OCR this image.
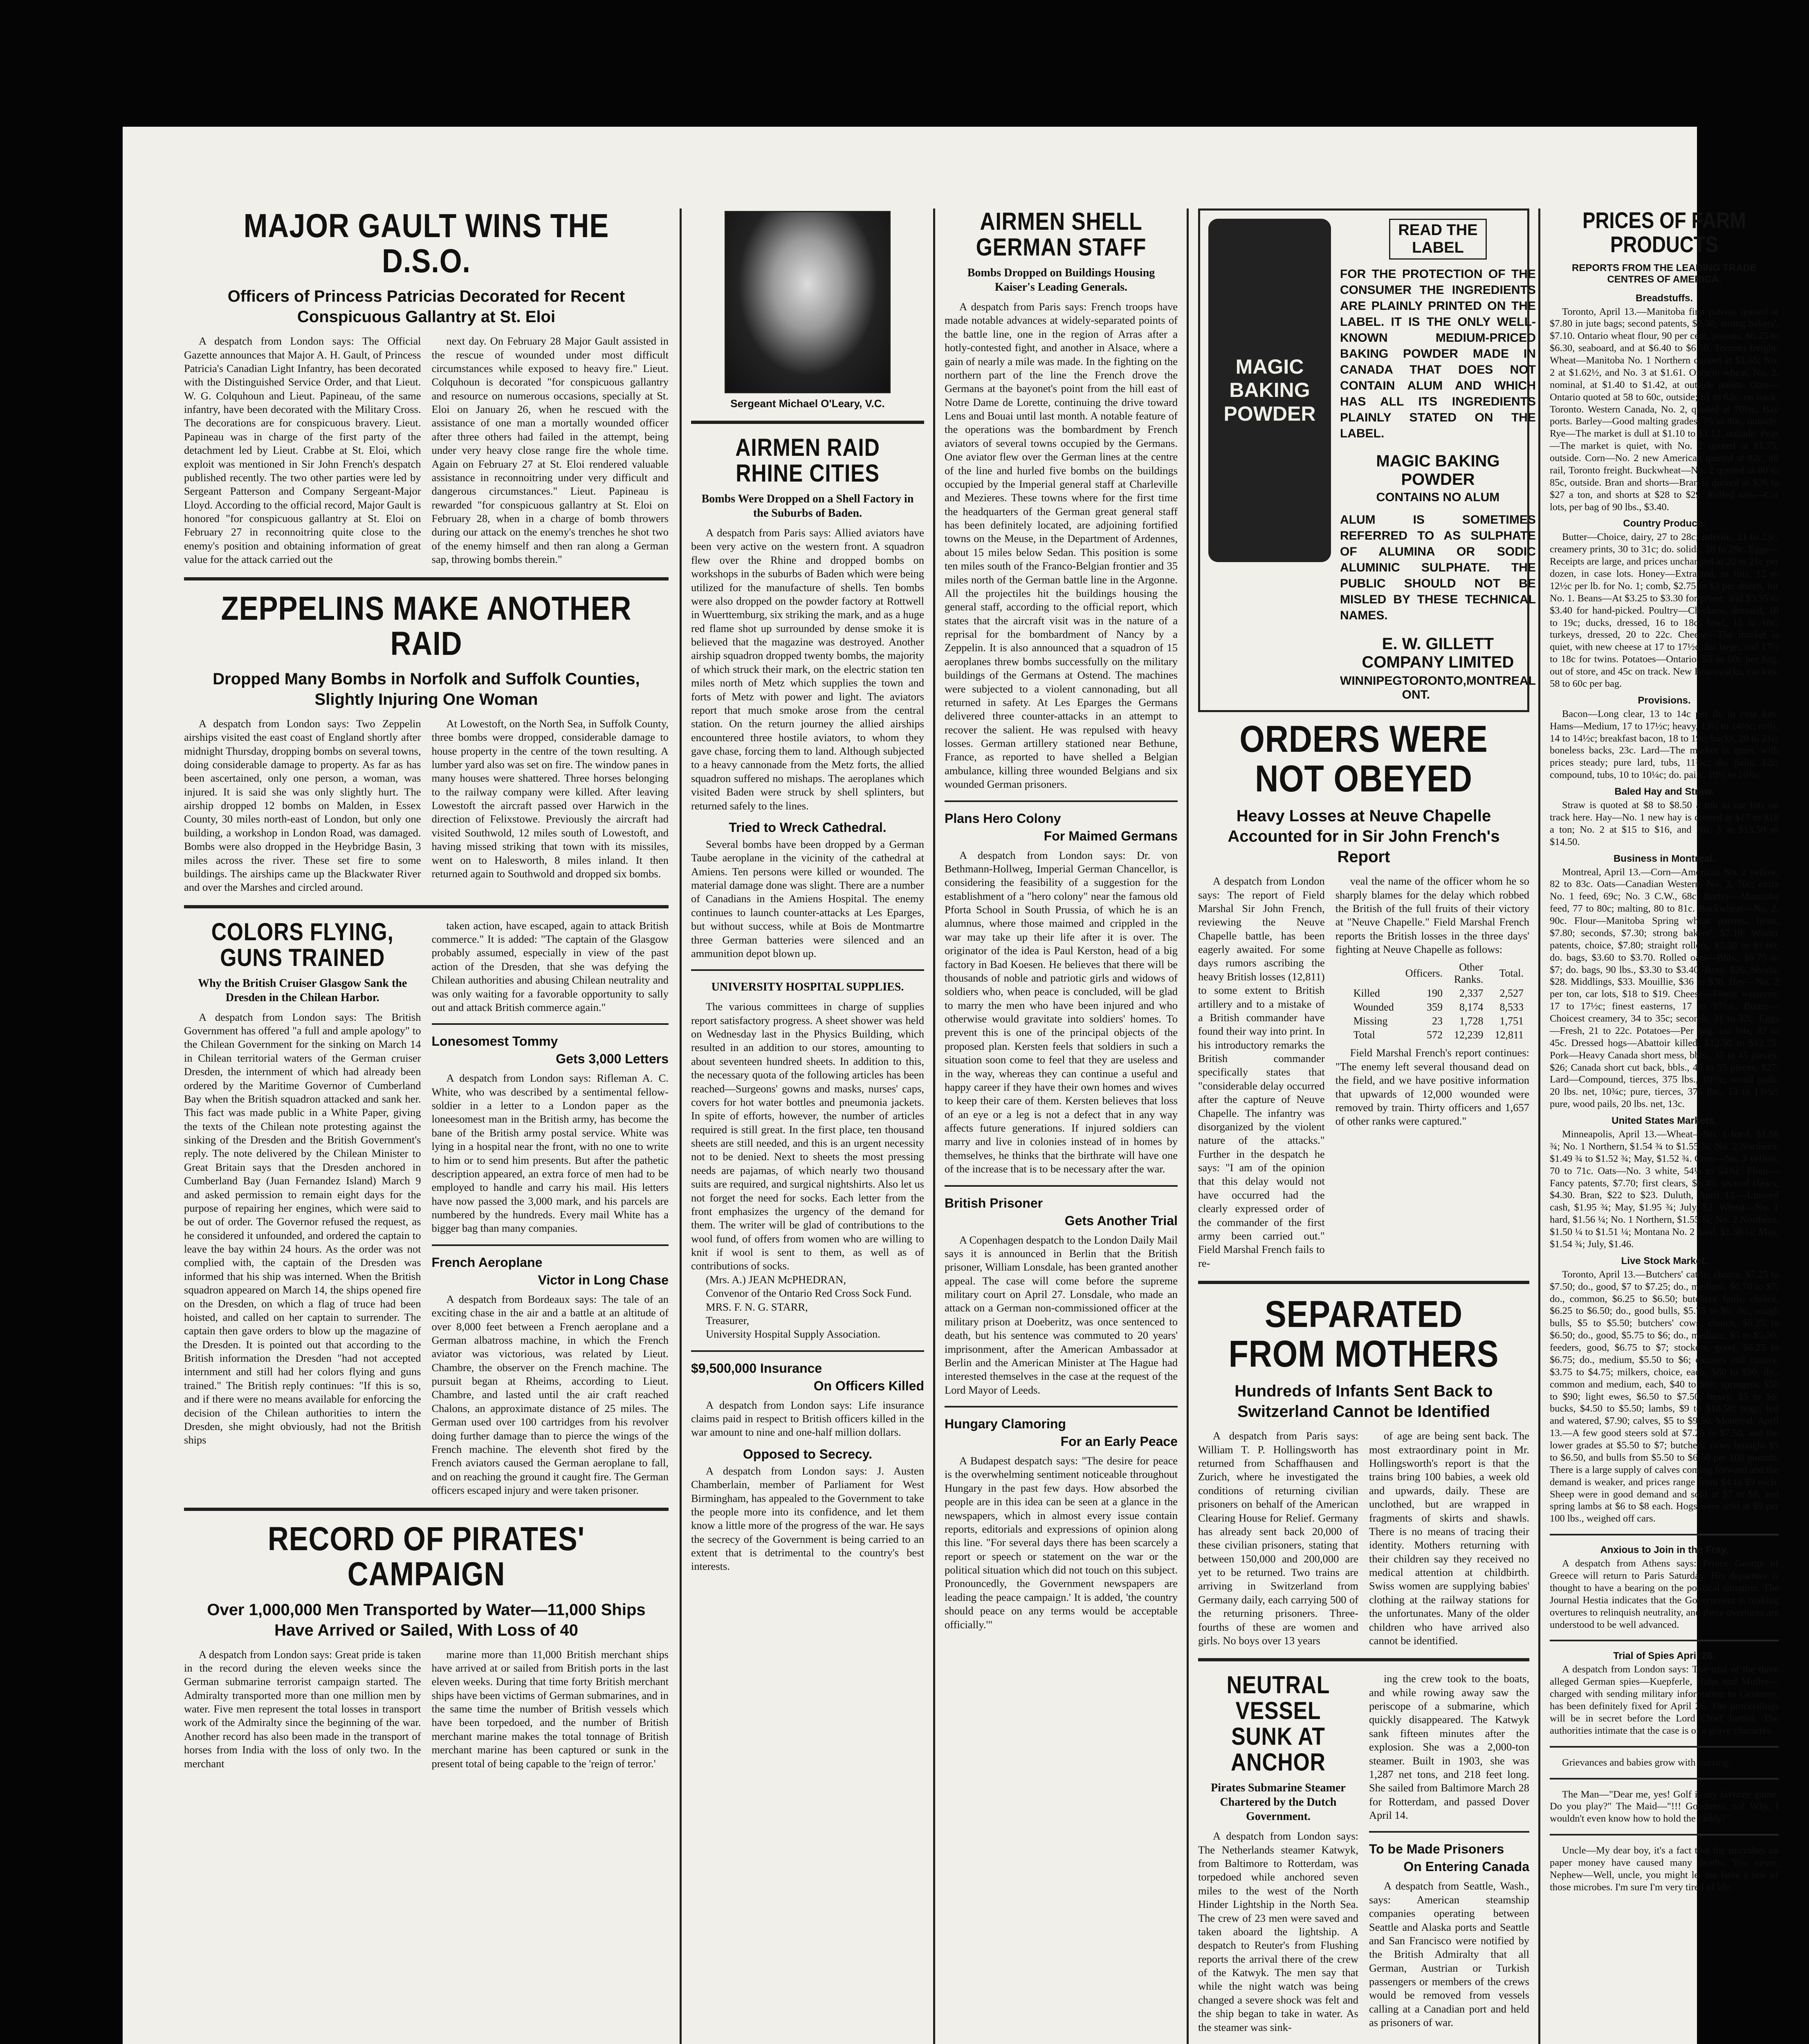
MAJOR GAULT WINS THE D.S.O.
Officers of Princess Patricias Decorated for Recent Conspicuous Gallantry at St. Eloi

A despatch from London says: The Official Gazette announces that Major A. H. Gault, of Princess Patricia's Canadian Light Infantry, has been decorated with the Distinguished Service Order, and that Lieut. W. G. Colquhoun and Lieut. Papineau, of the same infantry, have been decorated with the Military Cross. The decorations are for conspicuous bravery. Lieut. Papineau was in charge of the first party of the detachment led by Lieut. Crabbe at St. Eloi, which exploit was mentioned in Sir John French's despatch published recently. The two other parties were led by Sergeant Patterson and Company Sergeant-Major Lloyd. According to the official record, Major Gault is honored "for conspicuous gallantry at St. Eloi on February 27 in reconnoitring quite close to the enemy's position and obtaining information of great value for the attack carried out the

next day. On February 28 Major Gault assisted in the rescue of wounded under most difficult circumstances while exposed to heavy fire." Lieut. Colquhoun is decorated "for conspicuous gallantry and resource on numerous occasions, specially at St. Eloi on January 26, when he rescued with the assistance of one man a mortally wounded officer after three others had failed in the attempt, being under very heavy close range fire the whole time. Again on February 27 at St. Eloi rendered valuable assistance in reconnoitring under very difficult and dangerous circumstances." Lieut. Papineau is rewarded "for conspicuous gallantry at St. Eloi on February 28, when in a charge of bomb throwers during our attack on the enemy's trenches he shot two of the enemy himself and then ran along a German sap, throwing bombs therein."

ZEPPELINS MAKE ANOTHER RAID
Dropped Many Bombs in Norfolk and Suffolk Counties, Slightly Injuring One Woman

A despatch from London says: Two Zeppelin airships visited the east coast of England shortly after midnight Thursday, dropping bombs on several towns, doing considerable damage to property. As far as has been ascertained, only one person, a woman, was injured. It is said she was only slightly hurt. The airship dropped 12 bombs on Malden, in Essex County, 30 miles north-east of London, but only one building, a workshop in London Road, was damaged. Bombs were also dropped in the Heybridge Basin, 3 miles across the river. These set fire to some buildings. The airships came up the Blackwater River and over the Marshes and circled around.

At Lowestoft, on the North Sea, in Suffolk County, three bombs were dropped, considerable damage to house property in the centre of the town resulting. A lumber yard also was set on fire. The window panes in many houses were shattered. Three horses belonging to the railway company were killed. After leaving Lowestoft the aircraft passed over Harwich in the direction of Felixstowe. Previously the aircraft had visited Southwold, 12 miles south of Lowestoft, and having missed striking that town with its missiles, went on to Halesworth, 8 miles inland. It then returned again to Southwold and dropped six bombs.

COLORS FLYING, GUNS TRAINED
Why the British Cruiser Glasgow Sank the Dresden in the Chilean Harbor.

A despatch from London says: The British Government has offered "a full and ample apology" to the Chilean Government for the sinking on March 14 in Chilean territorial waters of the German cruiser Dresden, the internment of which had already been ordered by the Maritime Governor of Cumberland Bay when the British squadron attacked and sank her. This fact was made public in a White Paper, giving the texts of the Chilean note protesting against the sinking of the Dresden and the British Government's reply. The note delivered by the Chilean Minister to Great Britain says that the Dresden anchored in Cumberland Bay (Juan Fernandez Island) March 9 and asked permission to remain eight days for the purpose of repairing her engines, which were said to be out of order. The Governor refused the request, as he considered it unfounded, and ordered the captain to leave the bay within 24 hours. As the order was not complied with, the captain of the Dresden was informed that his ship was interned. When the British squadron appeared on March 14, the ships opened fire on the Dresden, on which a flag of truce had been hoisted, and called on her captain to surrender. The captain then gave orders to blow up the magazine of the Dresden. It is pointed out that according to the British information the Dresden "had not accepted internment and still had her colors flying and guns trained." The British reply continues: "If this is so, and if there were no means available for enforcing the decision of the Chilean authorities to intern the Dresden, she might obviously, had not the British ships

taken action, have escaped, again to attack British commerce." It is added: "The captain of the Glasgow probably assumed, especially in view of the past action of the Dresden, that she was defying the Chilean authorities and abusing Chilean neutrality and was only waiting for a favorable opportunity to sally out and attack British commerce again."

Lonesomest Tommy
Gets 3,000 Letters

A despatch from London says: Rifleman A. C. White, who was described by a sentimental fellow-soldier in a letter to a London paper as the loneesomest man in the British army, has become the bane of the British army postal service. White was lying in a hospital near the front, with no one to write to him or to send him presents. But after the pathetic description appeared, an extra force of men had to be employed to handle and carry his mail. His letters have now passed the 3,000 mark, and his parcels are numbered by the hundreds. Every mail White has a bigger bag than many companies.

French Aeroplane
Victor in Long Chase

A despatch from Bordeaux says: The tale of an exciting chase in the air and a battle at an altitude of over 8,000 feet between a French aeroplane and a German albatross machine, in which the French aviator was victorious, was related by Lieut. Chambre, the observer on the French machine. The pursuit began at Rheims, according to Lieut. Chambre, and lasted until the air craft reached Chalons, an approximate distance of 25 miles. The German used over 100 cartridges from his revolver doing further damage than to pierce the wings of the French machine. The eleventh shot fired by the French aviators caused the German aeroplane to fall, and on reaching the ground it caught fire. The German officers escaped injury and were taken prisoner.

RECORD OF PIRATES' CAMPAIGN
Over 1,000,000 Men Transported by Water—11,000 Ships Have Arrived or Sailed, With Loss of 40

A despatch from London says: Great pride is taken in the record during the eleven weeks since the German submarine terrorist campaign started. The Admiralty transported more than one million men by water. Five men represent the total losses in transport work of the Admiralty since the beginning of the war. Another record has also been made in the transport of horses from India with the loss of only two. In the merchant

marine more than 11,000 British merchant ships have arrived at or sailed from British ports in the last eleven weeks. During that time forty British merchant ships have been victims of German submarines, and in the same time the number of British vessels which have been torpedoed, and the number of British merchant marine makes the total tonnage of British merchant marine has been captured or sunk in the present total of being capable to the 'reign of terror.'

Sergeant Michael O'Leary, V.C.
AIRMEN RAID RHINE CITIES
Bombs Were Dropped on a Shell Factory in the Suburbs of Baden.

A despatch from Paris says: Allied aviators have been very active on the western front. A squadron flew over the Rhine and dropped bombs on workshops in the suburbs of Baden which were being utilized for the manufacture of shells. Ten bombs were also dropped on the powder factory at Rottwell in Wuerttemburg, six striking the mark, and as a huge red flame shot up surrounded by dense smoke it is believed that the magazine was destroyed. Another airship squadron dropped twenty bombs, the majority of which struck their mark, on the electric station ten miles north of Metz which supplies the town and forts of Metz with power and light. The aviators report that much smoke arose from the central station. On the return journey the allied airships encountered three hostile aviators, to whom they gave chase, forcing them to land. Although subjected to a heavy cannonade from the Metz forts, the allied squadron suffered no mishaps. The aeroplanes which visited Baden were struck by shell splinters, but returned safely to the lines.

Tried to Wreck Cathedral.

Several bombs have been dropped by a German Taube aeroplane in the vicinity of the cathedral at Amiens. Ten persons were killed or wounded. The material damage done was slight. There are a number of Canadians in the Amiens Hospital. The enemy continues to launch counter-attacks at Les Eparges, but without success, while at Bois de Montmartre three German batteries were silenced and an ammunition depot blown up.

UNIVERSITY HOSPITAL SUPPLIES.

The various committees in charge of supplies report satisfactory progress. A sheet shower was held on Wednesday last in the Physics Building, which resulted in an addition to our stores, amounting to about seventeen hundred sheets. In addition to this, the necessary quota of the following articles has been reached—Surgeons' gowns and masks, nurses' caps, covers for hot water bottles and pneumonia jackets. In spite of efforts, however, the number of articles required is still great. In the first place, ten thousand sheets are still needed, and this is an urgent necessity not to be denied. Next to sheets the most pressing needs are pajamas, of which nearly two thousand suits are required, and surgical nightshirts. Also let us not forget the need for socks. Each letter from the front emphasizes the urgency of the demand for them. The writer will be glad of contributions to the wool fund, of offers from women who are willing to knit if wool is sent to them, as well as of contributions of socks.

(Mrs. A.) JEAN McPHEDRAN,

Convenor of the Ontario Red Cross Sock Fund.

MRS. F. N. G. STARR,

Treasurer,

University Hospital Supply Association.

$9,500,000 Insurance
On Officers Killed

A despatch from London says: Life insurance claims paid in respect to British officers killed in the war amount to nine and one-half million dollars.

Opposed to Secrecy.

A despatch from London says: J. Austen Chamberlain, member of Parliament for West Birmingham, has appealed to the Government to take the people more into its confidence, and let them know a little more of the progress of the war. He says the secrecy of the Government is being carried to an extent that is detrimental to the country's best interests.

AIRMEN SHELL GERMAN STAFF
Bombs Dropped on Buildings Housing Kaiser's Leading Generals.

A despatch from Paris says: French troops have made notable advances at widely-separated points of the battle line, one in the region of Arras after a hotly-contested fight, and another in Alsace, where a gain of nearly a mile was made. In the fighting on the northern part of the line the French drove the Germans at the bayonet's point from the hill east of Notre Dame de Lorette, continuing the drive toward Lens and Bouai until last month. A notable feature of the operations was the bombardment by French aviators of several towns occupied by the Germans. One aviator flew over the German lines at the centre of the line and hurled five bombs on the buildings occupied by the Imperial general staff at Charleville and Mezieres. These towns where for the first time the headquarters of the German great general staff has been definitely located, are adjoining fortified towns on the Meuse, in the Department of Ardennes, about 15 miles below Sedan. This position is some ten miles south of the Franco-Belgian frontier and 35 miles north of the German battle line in the Argonne. All the projectiles hit the buildings housing the general staff, according to the official report, which states that the aircraft visit was in the nature of a reprisal for the bombardment of Nancy by a Zeppelin. It is also announced that a squadron of 15 aeroplanes threw bombs successfully on the military buildings of the Germans at Ostend. The machines were subjected to a violent cannonading, but all returned in safety. At Les Eparges the Germans delivered three counter-attacks in an attempt to recover the salient. He was repulsed with heavy losses. German artillery stationed near Bethune, France, as reported to have shelled a Belgian ambulance, killing three wounded Belgians and six wounded German prisoners.

Plans Hero Colony
For Maimed Germans

A despatch from London says: Dr. von Bethmann-Hollweg, Imperial German Chancellor, is considering the feasibility of a suggestion for the establishment of a "hero colony" near the famous old Pforta School in South Prussia, of which he is an alumnus, where those maimed and crippled in the war may take up their life after it is over. The originator of the idea is Paul Kerston, head of a big factory in Bad Koesen. He believes that there will be thousands of noble and patriotic girls and widows of soldiers who, when peace is concluded, will be glad to marry the men who have been injured and who otherwise would gravitate into soldiers' homes. To prevent this is one of the principal objects of the proposed plan. Kersten feels that soldiers in such a situation soon come to feel that they are useless and in the way, whereas they can continue a useful and happy career if they have their own homes and wives to keep their care of them. Kersten believes that loss of an eye or a leg is not a defect that in any way affects future generations. If injured soldiers can marry and live in colonies instead of in homes by themselves, he thinks that the birthrate will have one of the increase that is to be necessary after the war.

British Prisoner
Gets Another Trial

A Copenhagen despatch to the London Daily Mail says it is announced in Berlin that the British prisoner, William Lonsdale, has been granted another appeal. The case will come before the supreme military court on April 27. Lonsdale, who made an attack on a German non-commissioned officer at the military prison at Doeberitz, was once sentenced to death, but his sentence was commuted to 20 years' imprisonment, after the American Ambassador at Berlin and the American Minister at The Hague had interested themselves in the case at the request of the Lord Mayor of Leeds.

Hungary Clamoring
For an Early Peace

A Budapest despatch says: "The desire for peace is the overwhelming sentiment noticeable throughout Hungary in the past few days. How absorbed the people are in this idea can be seen at a glance in the newspapers, which in almost every issue contain reports, editorials and expressions of opinion along this line. "For several days there has been scarcely a report or speech or statement on the war or the political situation which did not touch on this subject. Pronouncedly, the Government newspapers are leading the peace campaign.' It is added, 'the country should peace on any terms would be acceptable officially.'"

MAGIC BAKING POWDER
READ THE LABEL
FOR THE PROTECTION OF THE CONSUMER THE INGREDIENTS ARE PLAINLY PRINTED ON THE LABEL. IT IS THE ONLY WELL-KNOWN MEDIUM-PRICED BAKING POWDER MADE IN CANADA THAT DOES NOT CONTAIN ALUM AND WHICH HAS ALL ITS INGREDIENTS PLAINLY STATED ON THE LABEL.
MAGIC BAKING POWDER
CONTAINS NO ALUM
ALUM IS SOMETIMES REFERRED TO AS SULPHATE OF ALUMINA OR SODIC ALUMINIC SULPHATE. THE PUBLIC SHOULD NOT BE MISLED BY THESE TECHNICAL NAMES.
E. W. GILLETT COMPANY LIMITED
WINNIPEG TORONTO, ONT.
MONTREAL
ORDERS WERE NOT OBEYED
Heavy Losses at Neuve Chapelle Accounted for in Sir John French's Report

A despatch from London says: The report of Field Marshal Sir John French, reviewing the Neuve Chapelle battle, has been eagerly awaited. For some days rumors ascribing the heavy British losses (12,811) to some extent to British artillery and to a mistake of a British commander have found their way into print. In his introductory remarks the British commander specifically states that "considerable delay occurred after the capture of Neuve Chapelle. The infantry was disorganized by the violent nature of the attacks." Further in the despatch he says: "I am of the opinion that this delay would not have occurred had the clearly expressed order of the commander of the first army been carried out." Field Marshal French fails to re-

veal the name of the officer whom he so sharply blames for the delay which robbed the British of the full fruits of their victory at "Neuve Chapelle." Field Marshal French reports the British losses in the three days' fighting at Neuve Chapelle as follows:

	Officers.	Other Ranks.	Total.
Killed	190	2,337	2,527
Wounded	359	8,174	8,533
Missing	23	1,728	1,751
Total	572	12,239	12,811

Field Marshal French's report continues: "The enemy left several thousand dead on the field, and we have positive information that upwards of 12,000 wounded were removed by train. Thirty officers and 1,657 of other ranks were captured."

SEPARATED FROM MOTHERS
Hundreds of Infants Sent Back to Switzerland Cannot be Identified

A despatch from Paris says: William T. P. Hollingsworth has returned from Schaffhausen and Zurich, where he investigated the conditions of returning civilian prisoners on behalf of the American Clearing House for Relief. Germany has already sent back 20,000 of these civilian prisoners, stating that between 150,000 and 200,000 are yet to be returned. Two trains are arriving in Switzerland from Germany daily, each carrying 500 of the returning prisoners. Three-fourths of these are women and girls. No boys over 13 years

of age are being sent back. The most extraordinary point in Mr. Hollingsworth's report is that the trains bring 100 babies, a week old and upwards, daily. These are unclothed, but are wrapped in fragments of skirts and shawls. There is no means of tracing their identity. Mothers returning with their children say they received no medical attention at childbirth. Swiss women are supplying babies' clothing at the railway stations for the unfortunates. Many of the older children who have arrived also cannot be identified.

NEUTRAL VESSEL SUNK AT ANCHOR
Pirates Submarine Steamer Chartered by the Dutch Government.

A despatch from London says: The Netherlands steamer Katwyk, from Baltimore to Rotterdam, was torpedoed while anchored seven miles to the west of the North Hinder Lightship in the North Sea. The crew of 23 men were saved and taken aboard the lightship. A despatch to Reuter's from Flushing reports the arrival there of the crew of the Katwyk. The men say that while the night watch was being changed a severe shock was felt and the ship began to take in water. As the steamer was sink-

ing the crew took to the boats, and while rowing away saw the periscope of a submarine, which quickly disappeared. The Katwyk sank fifteen minutes after the explosion. She was a 2,000-ton steamer. Built in 1903, she was 1,287 net tons, and 218 feet long. She sailed from Baltimore March 28 for Rotterdam, and passed Dover April 14.

To be Made Prisoners
On Entering Canada

A despatch from Seattle, Wash., says: American steamship companies operating between Seattle and Alaska ports and Seattle and San Francisco were notified by the British Admiralty that all German, Austrian or Turkish passengers or members of the crews would be removed from vessels calling at a Canadian port and held as prisoners of war.

PRICES OF FARM PRODUCTS
REPORTS FROM THE LEADING TRADE CENTRES OF AMERICA.
Breadstuffs.

Toronto, April 13.—Manitoba first patents quoted at $7.80 in jute bags; second patents, $7.30; strong bakers', $7.10. Ontario wheat flour, 90 per cent, patents, $6.25 to $6.30, seaboard, and at $6.40 to $6.50, Toronto freight. Wheat—Manitoba No. 1 Northern quoted at $1.65; No. 2 at $1.62½, and No. 3 at $1.61. Ontario wheat, No. 2, nominal, at $1.40 to $1.42, at outside points. Oats—Ontario quoted at 58 to 60c, outside; 61 to 62c, on track, Toronto. Western Canada, No. 2, quoted at 70½c, Bay ports. Barley—Good malting grades, 75 to 80c, outside. Rye—The market is dull at $1.10 to $1.12, outside. Peas—The market is quiet, with No. 2 quoted at $1.75, outside. Corn—No. 2 new American quoted at 82c, all rail, Toronto freight. Buckwheat—No. 2 quoted at 80 to 85c, outside. Bran and shorts—Bran is quoted at $26 to $27 a ton, and shorts at $28 to $29. Rolled oats—Car lots, per bag of 90 lbs., $3.40.

Country Produce.

Butter—Choice, dairy, 27 to 28c; inferior, 21 to 23c; creamery prints, 30 to 31c; do. solids, 28 to 29c. Eggs—Receipts are large, and prices unchanged at 20 to 21c per dozen, in case lots. Honey—Extracted, in tins, 12 to 12½c per lb. for No. 1; comb, $2.75 to $3 per dozen, for No. 1. Beans—At $3.25 to $3.30 for prime, and $3.35 to $3.40 for hand-picked. Poultry—Chickens, dressed, 18 to 19c; ducks, dressed, 16 to 18c; fowl, 15 to 18c; turkeys, dressed, 20 to 22c. Cheese—The market is quiet, with new cheese at 17 to 17½c, for large, and 17½ to 18c for twins. Potatoes—Ontario, 55 to 60c per bag, out of store, and 45c on track. New Brunswicks, car lots, 58 to 60c per bag.

Provisions.

Bacon—Long clear, 13 to 14c per lb. in case lots. Hams—Medium, 17 to 17½c; heavy, 13½ to 14½c; rolls, 14 to 14½c; breakfast bacon, 18 to 19c; backs, 20 to 21c; boneless backs, 23c. Lard—The market is quiet, with prices steady; pure lard, tubs, 11¾c; do. pails, 12c; compound, tubs, 10 to 10¼c; do. pails, 10½ to 10¾c.

Baled Hay and Straw.

Straw is quoted at $8 to $8.50 a ton in car lots on track here. Hay—No. 1 new hay is quoted at $17 to $18 a ton; No. 2 at $15 to $16, and No. 3 at $13.50 to $14.50.

Business in Montreal.

Montreal, April 13.—Corn—American No. 2 yellow, 82 to 83c. Oats—Canadian Western, No. 2, 70c; extra No. 1 feed, 69c; No. 3 C.W., 68c. Barley—Manitoba feed, 77 to 80c; malting, 80 to 81c. Buckwheat—No. 2, 90c. Flour—Manitoba Spring wheat patents, firsts, $7.80; seconds, $7.30; strong bakers', $7.10; Winter patents, choice, $7.80; straight rollers, $7.50 to $7.60; do. bags, $3.60 to $3.70. Rolled oats—Bbls., $6.75 to $7; do. bags, 90 lbs., $3.30 to $3.40. Bran, $26. Shorts, $28. Middlings, $33. Mouillie, $36 to $38. Hay—No. 2 per ton, car lots, $18 to $19. Cheese—Finest westerns, 17 to 17½c; finest easterns, 17 to 17½c. Butter—Choicest creamery, 34 to 35c; seconds, 31 to 32c. Eggs—Fresh, 21 to 22c. Potatoes—Per bag, car lots, 42 to 45c. Dressed hogs—Abattoir killed, $12.50 to $12.75. Pork—Heavy Canada short mess, bbls., 35 to 45 pieces, $26; Canada short cut back, bbls., 45 to 55 pieces, $27. Lard—Compound, tierces, 375 lbs., 10½c; wood pails, 20 lbs. net, 10¾c; pure, tierces, 375 lbs., 13 to 13½c; pure, wood pails, 20 lbs. net, 13c.

United States Markets.

Minneapolis, April 13.—Wheat—No. 1 hard, $1.56 ¾; No. 1 Northern, $1.54 ¾ to $1.55 ¾; No. 2 Northern, $1.49 ¾ to $1.52 ¾; May, $1.52 ¾. Corn—No. 3 yellow, 70 to 71c. Oats—No. 3 white, 54¼ to 54¾c. Flour—Fancy patents, $7.70; first clears, $6.40; second clears, $4.30. Bran, $22 to $23. Duluth, April 13.—Linseed cash, $1.95 ¾; May, $1.95 ¾; July, $2. Wheat—No. 1 hard, $1.56 ¼; No. 1 Northern, $1.55 ¼; No. 2 Northern, $1.50 ¼ to $1.51 ¼; Montana No. 2 hard, $1.56 ¼; May, $1.54 ¾; July, $1.46.

Live Stock Market.

Toronto, April 13.—Butchers' cattle, choice, $7.25 to $7.50; do., good, $7 to $7.25; do., medium, $6.70 to $7; do., common, $6.25 to $6.50; butchers' bulls, choice, $6.25 to $6.50; do., good bulls, $5.75 to $6; do., rough bulls, $5 to $5.50; butchers' cows, choice, $6.25 to $6.50; do., good, $5.75 to $6; do., medium, $5 to $5.50; feeders, good, $6.75 to $7; stockers, good, $6.25 to $6.75; do., medium, $5.50 to $6; canners and cutters, $3.75 to $4.75; milkers, choice, each, $60 to $90; do., common and medium, each, $40 to $60; springers, $50 to $90; light ewes, $6.50 to $7.50; heavy, $5 to $6; bucks, $4.50 to $5.50; lambs, $9 to $10.50; hogs, fed and watered, $7.90; calves, $5 to $9.50. Montreal, April 13.—A few good steers sold at $7.25 to $7.50, and the lower grades at $5.50 to $7; butchers' cows brought $5 to $6.50, and bulls from $5.50 to $6.50 per 100 pounds. There is a large supply of calves coming forward and the demand is weaker, and prices range from $4 to $9 each. Sheep were in good demand and sold at $7 to $8, and spring lambs at $6 to $8 each. Hogs were sold at $9 per 100 lbs., weighed off cars.

Anxious to Join in the Fray.

A despatch from Athens says: Prince George of Greece will return to Paris Saturday. His departure is thought to have a bearing on the political situation. The Journal Hestia indicates that the Government is making overtures to relinquish neutrality, and these overtures are understood to be well advanced.

Trial of Spies April 26.

A despatch from London says: The trial of the three alleged German spies—Kuepferle, Hahn and Muller—charged with sending military information to Germany, has been definitely fixed for April 26. The proceedings will be in secret before the Lord Chief Justice. The authorities intimate that the case is of a grave character.

Grievances and babies grow with nursing.

The Man—"Dear me, yes! Golf is my favorite game. Do you play?" The Maid—"!!! Goodness, no! Why, I wouldn't even know how to hold the caddy!"

Uncle—My dear boy, it's a fact that the microbes on paper money have caused many deaths. You never, Nephew—Well, uncle, you might let me have a few of those microbes. I'm sure I'm very tired of life.
